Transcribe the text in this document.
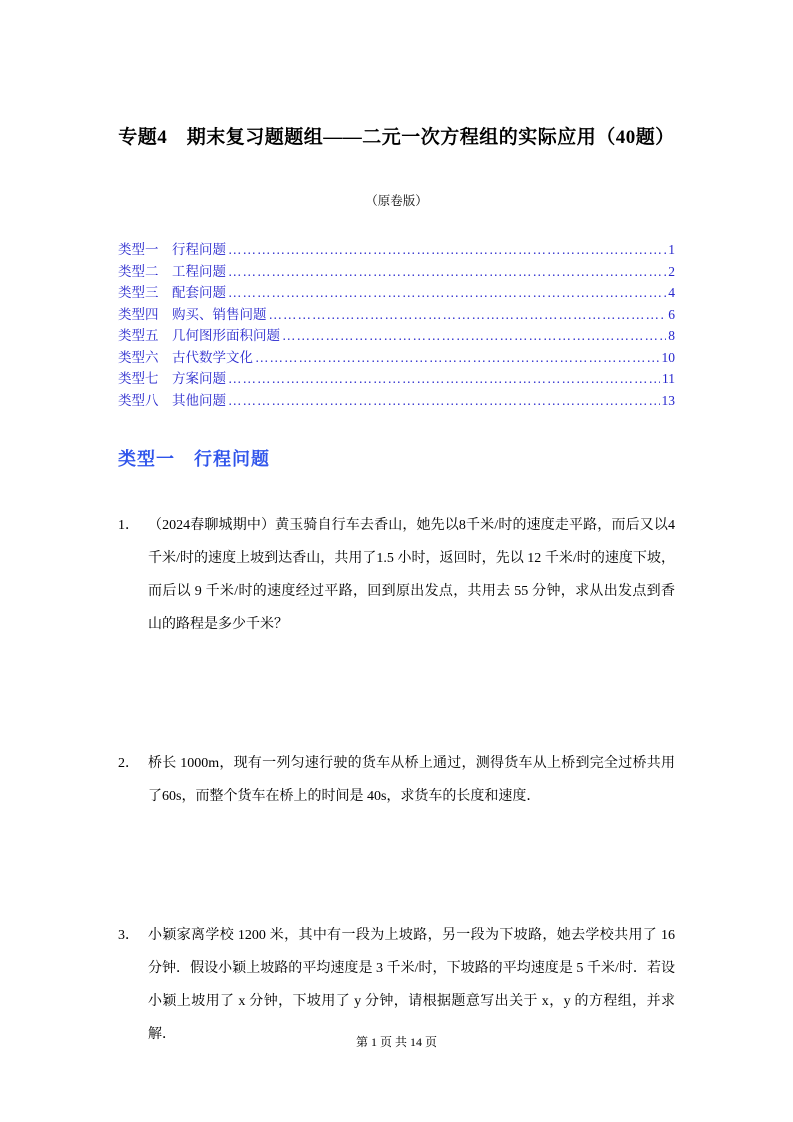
专题4　期末复习题题组——二元一次方程组的实际应用（40题）
（原卷版）
类型一　行程问题 ……………………………………………………………………………………………………………………………………	1
类型二　工程问题 ……………………………………………………………………………………………………………………………………	2
类型三　配套问题 ……………………………………………………………………………………………………………………………………	4
类型四　购买、销售问题 ……………………………………………………………………………………………………………………………………	6
类型五　几何图形面积问题 ……………………………………………………………………………………………………………………………………	8
类型六　古代数学文化 ……………………………………………………………………………………………………………………………………	10
类型七　方案问题 ……………………………………………………………………………………………………………………………………	11
类型八　其他问题 ……………………………………………………………………………………………………………………………………	13
类型一　行程问题
1． （2024春聊城期中）黄玉骑自行车去香山，她先以8千米/时的速度走平路，而后又以4千米/时的速度上坡到达香山，共用了1.5 小时，返回时，先以 12 千米/时的速度下坡，而后以 9 千米/时的速度经过平路，回到原出发点，共用去 55 分钟，求从出发点到香山的路程是多少千米？
2． 桥长 1000m，现有一列匀速行驶的货车从桥上通过，测得货车从上桥到完全过桥共用了60s，而整个货车在桥上的时间是 40s，求货车的长度和速度．
3． 小颖家离学校 1200 米，其中有一段为上坡路，另一段为下坡路，她去学校共用了 16 分钟．假设小颖上坡路的平均速度是 3 千米/时，下坡路的平均速度是 5 千米/时．若设小颖上坡用了 x 分钟，下坡用了 y 分钟，请根据题意写出关于 x，y 的方程组，并求解．	第 1 页 共 14 页
